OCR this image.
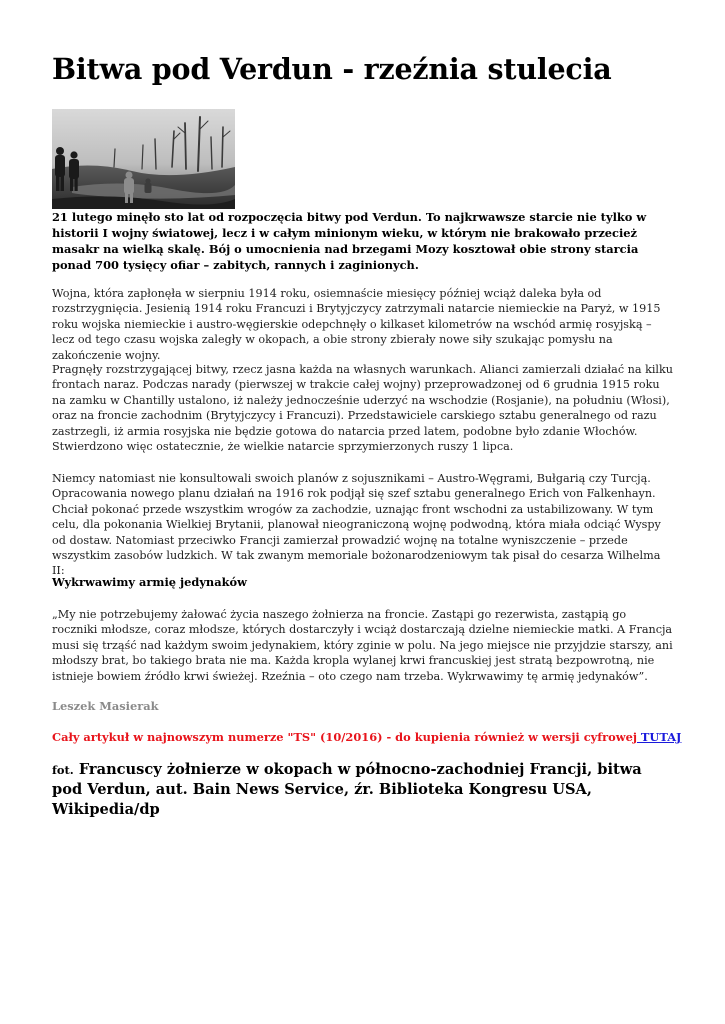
Bitwa pod Verdun - rzeźnia stulecia

21 lutego minęło sto lat od rozpoczęcia bitwy pod Verdun. To najkrwawsze starcie nie tylko w historii I wojny światowej, lecz i w całym minionym wieku, w którym nie brakowało przecież masakr na wielką skalę. Bój o umocnienia nad brzegami Mozy kosztował obie strony starcia ponad 700 tysięcy ofiar – zabitych, rannych i zaginionych.

Wojna, która zapłonęła w sierpniu 1914 roku, osiemnaście miesięcy później wciąż daleka była od rozstrzygnięcia. Jesienią 1914 roku Francuzi i Brytyjczycy zatrzymali natarcie niemieckie na Paryż, w 1915 roku wojska niemieckie i austro-węgierskie odepchnęły o kilkaset kilometrów na wschód armię rosyjską – lecz od tego czasu wojska zaległy w okopach, a obie strony zbierały nowe siły szukając pomysłu na zakończenie wojny.

Pragnęły rozstrzygającej bitwy, rzecz jasna każda na własnych warunkach. Alianci zamierzali działać na kilku frontach naraz. Podczas narady (pierwszej w trakcie całej wojny) przeprowadzonej od 6 grudnia 1915 roku na zamku w Chantilly ustalono, iż należy jednocześnie uderzyć na wschodzie (Rosjanie), na południu (Włosi), oraz na froncie zachodnim (Brytyjczycy i Francuzi). Przedstawiciele carskiego sztabu generalnego od razu zastrzegli, iż armia rosyjska nie będzie gotowa do natarcia przed latem, podobne było zdanie Włochów. Stwierdzono więc ostatecznie, że wielkie natarcie sprzymierzonych ruszy 1 lipca.

Niemcy natomiast nie konsultowali swoich planów z sojusznikami – Austro-Węgrami, Bułgarią czy Turcją. Opracowania nowego planu działań na 1916 rok podjął się szef sztabu generalnego Erich von Falkenhayn. Chciał pokonać przede wszystkim wrogów za zachodzie, uznając front wschodni za ustabilizowany. W tym celu, dla pokonania Wielkiej Brytanii, planował nieograniczoną wojnę podwodną, która miała odciąć Wyspy od dostaw. Natomiast przeciwko Francji zamierzał prowadzić wojnę na totalne wyniszczenie – przede wszystkim zasobów ludzkich. W tak zwanym memoriale bożonarodzeniowym tak pisał do cesarza Wilhelma II:

Wykrwawimy armię jedynaków

„My nie potrzebujemy żałować życia naszego żołnierza na froncie. Zastąpi go rezerwista, zastąpią go roczniki młodsze, coraz młodsze, których dostarczyły i wciąż dostarczają dzielne niemieckie matki. A Francja musi się trząść nad każdym swoim jedynakiem, który zginie w polu. Na jego miejsce nie przyjdzie starszy, ani młodszy brat, bo takiego brata nie ma. Każda kropla wylanej krwi francuskiej jest stratą bezpowrotną, nie istnieje bowiem źródło krwi świeżej. Rzeźnia – oto czego nam trzeba. Wykrwawimy tę armię jedynaków”.

Leszek Masierak

Cały artykuł w najnowszym numerze "TS" (10/2016) - do kupienia również w wersji cyfrowej TUTAJ

fot. Francuscy żołnierze w okopach w północno-zachodniej Francji, bitwa pod Verdun, aut. Bain News Service, źr. Biblioteka Kongresu USA, Wikipedia/dp
